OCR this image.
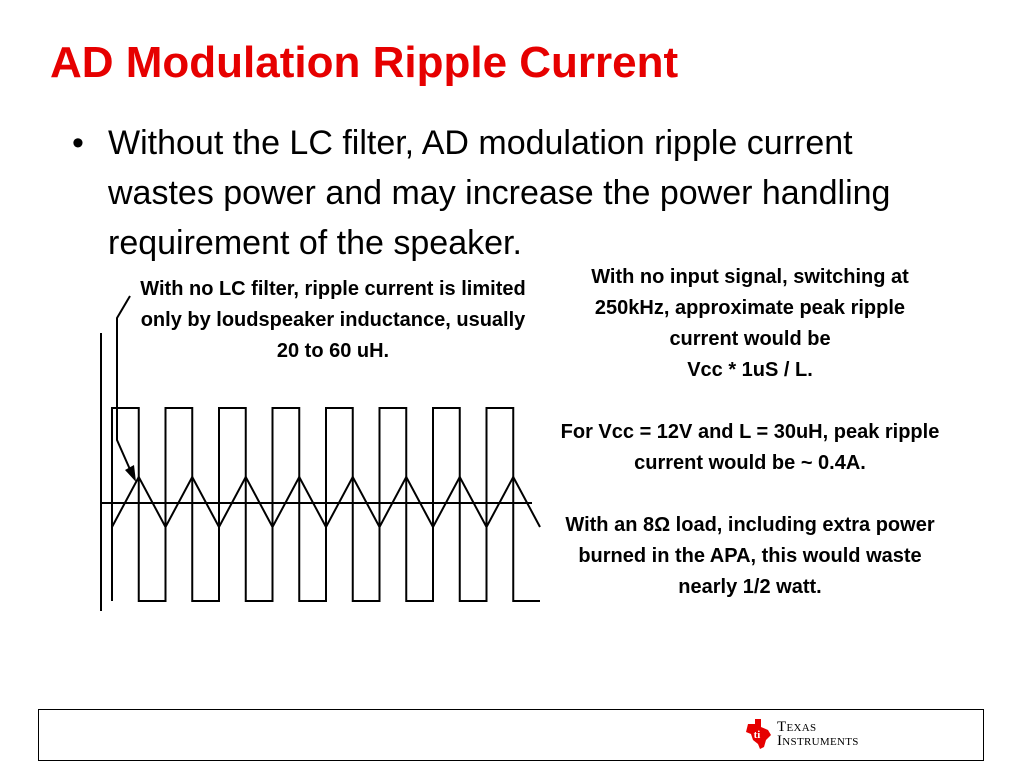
AD Modulation Ripple Current
• Without the LC filter, AD modulation ripple current wastes power and may increase the power handling requirement of the speaker.
With no LC filter, ripple current is limited only by loudspeaker inductance, usually 20 to 60 uH.

With no input signal, switching at 250kHz, approximate peak ripple current would be
Vcc * 1uS / L.

For Vcc = 12V and L = 30uH, peak ripple current would be ~ 0.4A.

With an 8Ω load, including extra power burned in the APA, this would waste nearly 1/2 watt.

ti TEXAS
INSTRUMENTS
